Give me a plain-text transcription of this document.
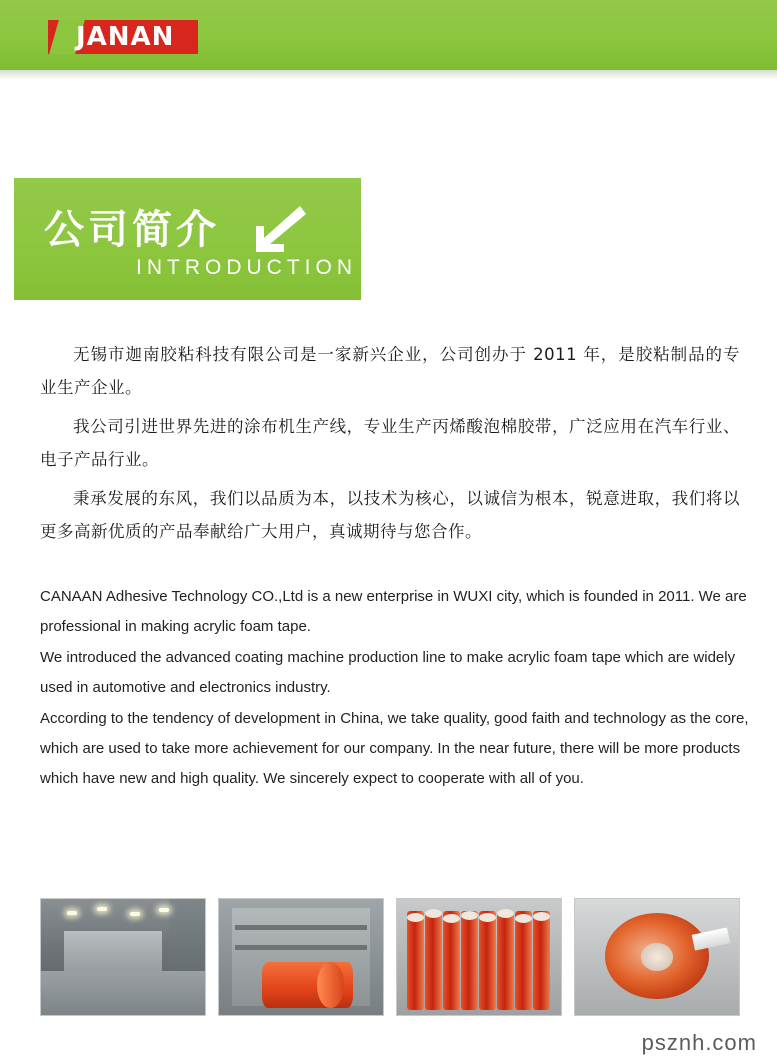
JANAN
公司简介
INTRODUCTION

无锡市迦南胶粘科技有限公司是一家新兴企业，公司创办于 2011 年，是胶粘制品的专业生产企业。

我公司引进世界先进的涂布机生产线，专业生产丙烯酸泡棉胶带，广泛应用在汽车行业、电子产品行业。

秉承发展的东风，我们以品质为本，以技术为核心，以诚信为根本，锐意进取，我们将以更多高新优质的产品奉献给广大用户，真诚期待与您合作。

CANAAN Adhesive Technology CO.,Ltd is a new enterprise in WUXI city, which is founded in 2011. We are professional in making acrylic foam tape.

We introduced the advanced coating machine production line to make acrylic foam tape which are widely used in automotive and electronics industry.

According to the tendency of development in China, we take quality, good faith and technology as the core, which are used to take more achievement for our company. In the near future, there will be more products which have new and high quality. We sincerely expect to cooperate with all of you.

psznh.com
